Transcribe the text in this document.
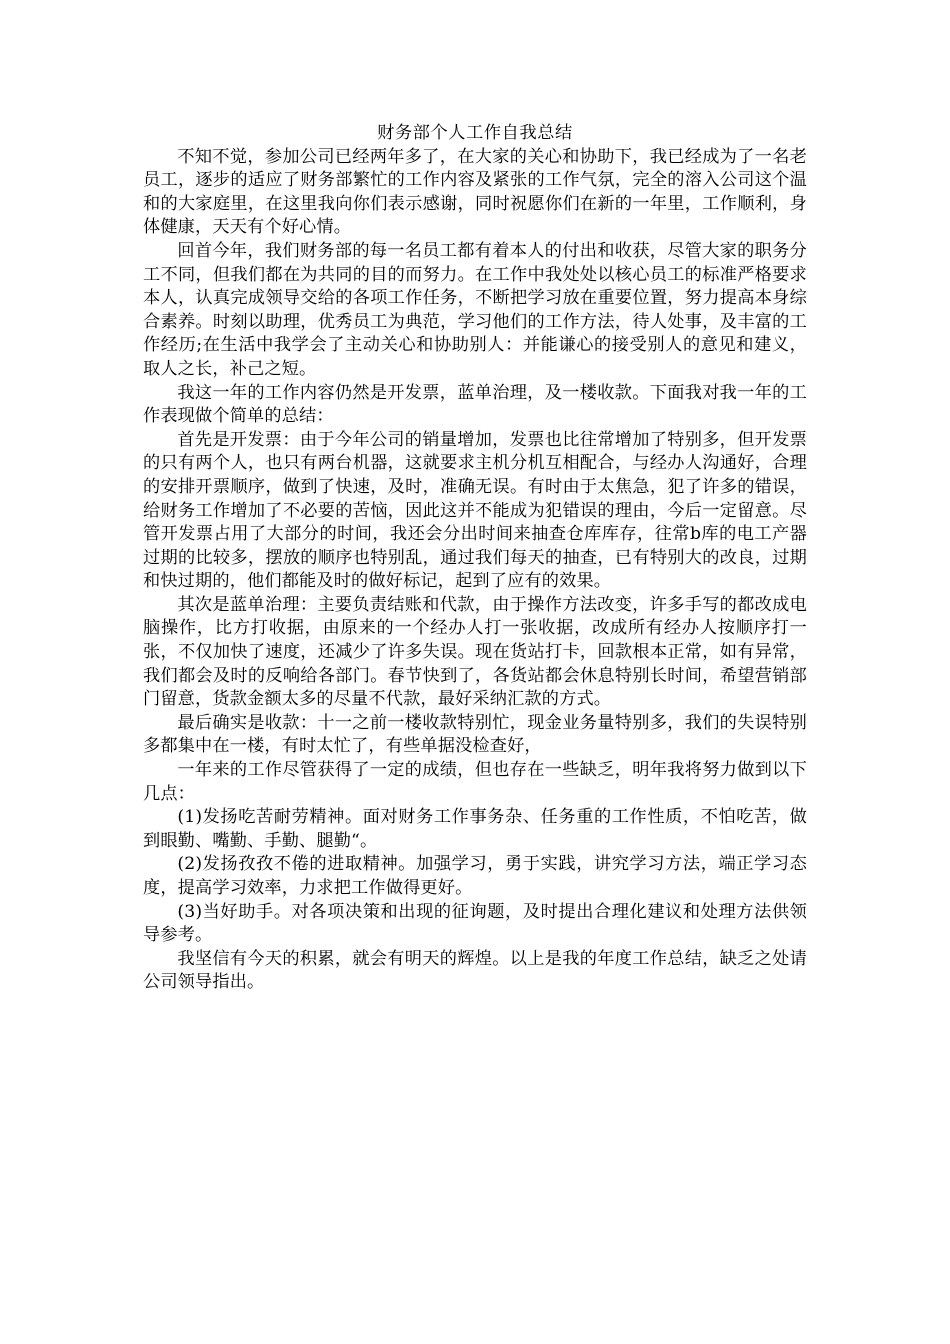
财务部个人工作自我总结

不知不觉，参加公司已经两年多了，在大家的关心和协助下，我已经成为了一名老员工，逐步的适应了财务部繁忙的工作内容及紧张的工作气氛，完全的溶入公司这个温和的大家庭里，在这里我向你们表示感谢，同时祝愿你们在新的一年里，工作顺利，身体健康，天天有个好心情。

回首今年，我们财务部的每一名员工都有着本人的付出和收获，尽管大家的职务分工不同，但我们都在为共同的目的而努力。在工作中我处处以核心员工的标准严格要求本人，认真完成领导交给的各项工作任务，不断把学习放在重要位置，努力提高本身综合素养。时刻以助理，优秀员工为典范，学习他们的工作方法，待人处事，及丰富的工作经历;在生活中我学会了主动关心和协助别人：并能谦心的接受别人的意见和建义，取人之长，补己之短。

我这一年的工作内容仍然是开发票，蓝单治理，及一楼收款。下面我对我一年的工作表现做个简单的总结：

首先是开发票：由于今年公司的销量增加，发票也比往常增加了特别多，但开发票的只有两个人，也只有两台机器，这就要求主机分机互相配合，与经办人沟通好，合理的安排开票顺序，做到了快速，及时，准确无误。有时由于太焦急，犯了许多的错误，给财务工作增加了不必要的苦恼，因此这并不能成为犯错误的理由，今后一定留意。尽管开发票占用了大部分的时间，我还会分出时间来抽查仓库库存，往常b库的电工产器过期的比较多，摆放的顺序也特别乱，通过我们每天的抽查，已有特别大的改良，过期和快过期的，他们都能及时的做好标记，起到了应有的效果。

其次是蓝单治理：主要负责结账和代款，由于操作方法改变，许多手写的都改成电脑操作，比方打收据，由原来的一个经办人打一张收据，改成所有经办人按顺序打一张，不仅加快了速度，还减少了许多失误。现在货站打卡，回款根本正常，如有异常，我们都会及时的反响给各部门。春节快到了，各货站都会休息特别长时间，希望营销部门留意，货款金额太多的尽量不代款，最好采纳汇款的方式。

最后确实是收款：十一之前一楼收款特别忙，现金业务量特别多，我们的失误特别多都集中在一楼，有时太忙了，有些单据没检查好，

一年来的工作尽管获得了一定的成绩，但也存在一些缺乏，明年我将努力做到以下几点：

(1)发扬吃苦耐劳精神。面对财务工作事务杂、任务重的工作性质，不怕吃苦，做到眼勤、嘴勤、手勤、腿勤“。

(2)发扬孜孜不倦的进取精神。加强学习，勇于实践，讲究学习方法，端正学习态度，提高学习效率，力求把工作做得更好。

(3)当好助手。对各项决策和出现的征询题，及时提出合理化建议和处理方法供领导参考。

我坚信有今天的积累，就会有明天的辉煌。以上是我的年度工作总结，缺乏之处请公司领导指出。
